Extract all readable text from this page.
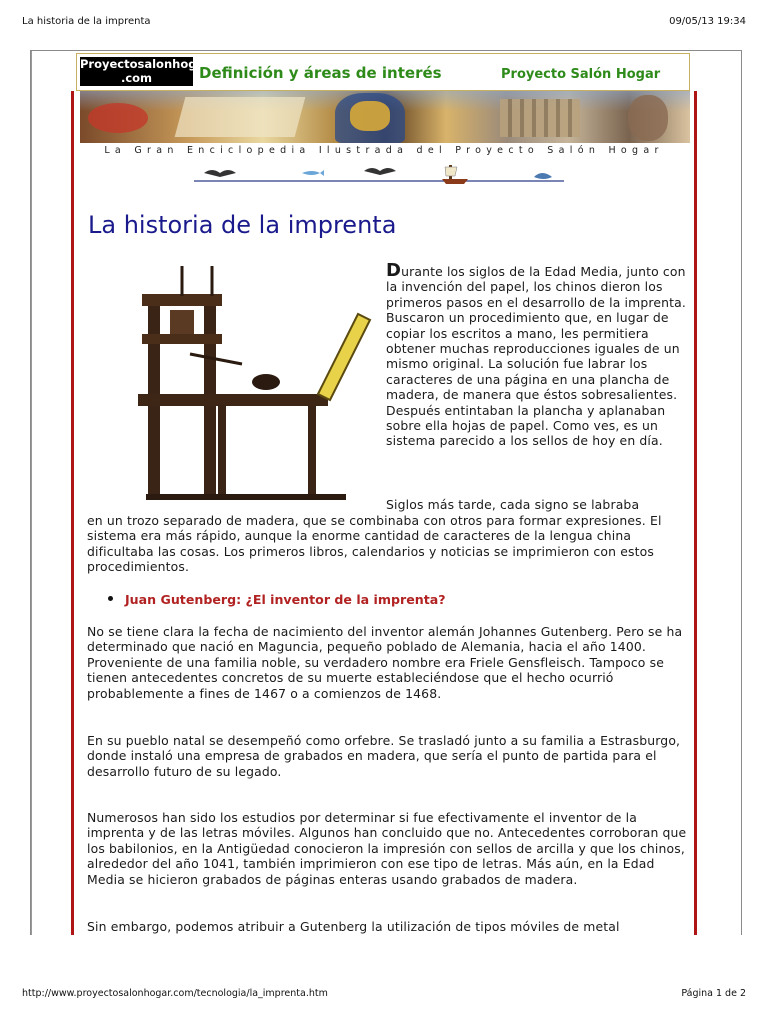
La historia de la imprenta	09/05/13 19:34
Proyectosalonhogar
.com	Definición y áreas de interés	Proyecto Salón Hogar
La Gran Enciclopedia Ilustrada del Proyecto Salón Hogar
La historia de la imprenta
Durante los siglos de la Edad Media, junto con la invención del papel, los chinos dieron los primeros pasos en el desarrollo de la imprenta. Buscaron un procedimiento que, en lugar de copiar los escritos a mano, les permitiera obtener muchas reproducciones iguales de un mismo original. La solución fue labrar los caracteres de una página en una plancha de madera, de manera que éstos sobresalientes. Después entintaban la plancha y aplanaban sobre ella hojas de papel. Como ves, es un sistema parecido a los sellos de hoy en día.
Siglos más tarde, cada signo se labraba
en un trozo separado de madera, que se combinaba con otros para formar expresiones. El sistema era más rápido, aunque la enorme cantidad de caracteres de la lengua china dificultaba las cosas. Los primeros libros, calendarios y noticias se imprimieron con estos procedimientos.
Juan Gutenberg: ¿El inventor de la imprenta?
No se tiene clara la fecha de nacimiento del inventor alemán Johannes Gutenberg. Pero se ha determinado que nació en Maguncia, pequeño poblado de Alemania, hacia el año 1400. Proveniente de una familia noble, su verdadero nombre era Friele Gensfleisch. Tampoco se tienen antecedentes concretos de su muerte estableciéndose que el hecho ocurrió probablemente a fines de 1467 o a comienzos de 1468.
En su pueblo natal se desempeñó como orfebre. Se trasladó junto a su familia a Estrasburgo, donde instaló una empresa de grabados en madera, que sería el punto de partida para el desarrollo futuro de su legado.
Numerosos han sido los estudios por determinar si fue efectivamente el inventor de la imprenta y de las letras móviles. Algunos han concluido que no. Antecedentes corroboran que los babilonios, en la Antigüedad conocieron la impresión con sellos de arcilla y que los chinos, alrededor del año 1041, también imprimieron con ese tipo de letras. Más aún, en la Edad Media se hicieron grabados de páginas enteras usando grabados de madera.
Sin embargo, podemos atribuir a Gutenberg la utilización de tipos móviles de metal
http://www.proyectosalonhogar.com/tecnologia/la_imprenta.htm	Página 1 de 2
